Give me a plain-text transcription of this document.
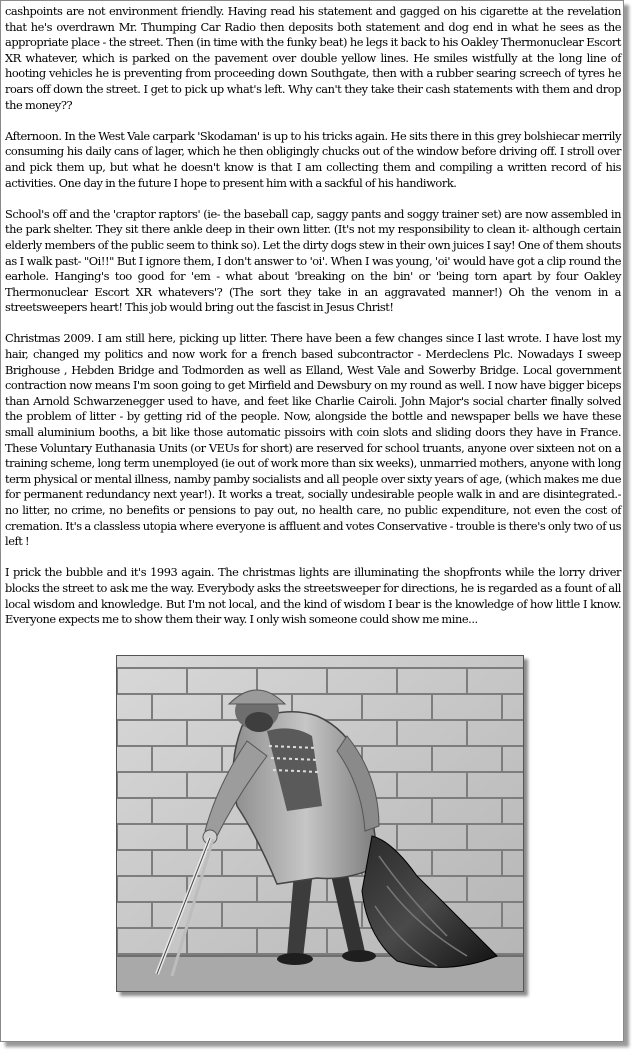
cashpoints are not environment friendly. Having read his statement and gagged on his cigarette at the revelation that he's overdrawn Mr. Thumping Car Radio then deposits both statement and dog end in what he sees as the appropriate place - the street. Then (in time with the funky beat) he legs it back to his Oakley Thermonuclear Escort XR whatever, which is parked on the pavement over double yellow lines. He smiles wistfully at the long line of hooting vehicles he is preventing from proceeding down Southgate, then with a rubber searing screech of tyres he roars off down the street. I get to pick up what's left. Why can't they take their cash statements with them and drop the money??

Afternoon. In the West Vale carpark 'Skodaman' is up to his tricks again. He sits there in this grey bolshiecar merrily consuming his daily cans of lager, which he then obligingly chucks out of the window before driving off. I stroll over and pick them up, but what he doesn't know is that I am collecting them and compiling a written record of his activities. One day in the future I hope to present him with a sackful of his handiwork.

School's off and the 'craptor raptors' (ie- the baseball cap, saggy pants and soggy trainer set) are now assembled in the park shelter. They sit there ankle deep in their own litter. (It's not my responsibility to clean it- although certain elderly members of the public seem to think so). Let the dirty dogs stew in their own juices I say! One of them shouts as I walk past- "Oi!!" But I ignore them, I don't answer to 'oi'. When I was young, 'oi' would have got a clip round the earhole. Hanging's too good for 'em - what about 'breaking on the bin' or 'being torn apart by four Oakley Thermonuclear Escort XR whatevers'? (The sort they take in an aggravated manner!) Oh the venom in a streetsweepers heart! This job would bring out the fascist in Jesus Christ!

Christmas 2009. I am still here, picking up litter. There have been a few changes since I last wrote. I have lost my hair, changed my politics and now work for a french based subcontractor - Merdeclens Plc. Nowadays I sweep Brighouse , Hebden Bridge and Todmorden as well as Elland, West Vale and Sowerby Bridge. Local government contraction now means I'm soon going to get Mirfield and Dewsbury on my round as well. I now have bigger biceps than Arnold Schwarzenegger used to have, and feet like Charlie Cairoli. John Major's social charter finally solved the problem of litter - by getting rid of the people. Now, alongside the bottle and newspaper bells we have these small aluminium booths, a bit like those automatic pissoirs with coin slots and sliding doors they have in France. These Voluntary Euthanasia Units (or VEUs for short) are reserved for school truants, anyone over sixteen not on a training scheme, long term unemployed (ie out of work more than six weeks), unmarried mothers, anyone with long term physical or mental illness, namby pamby socialists and all people over sixty years of age, (which makes me due for permanent redundancy next year!). It works a treat, socially undesirable people walk in and are disintegrated.- no litter, no crime, no benefits or pensions to pay out, no health care, no public expenditure, not even the cost of cremation. It's a classless utopia where everyone is affluent and votes Conservative - trouble is there's only two of us left !

I prick the bubble and it's 1993 again. The christmas lights are illuminating the shopfronts while the lorry driver blocks the street to ask me the way. Everybody asks the streetsweeper for directions, he is regarded as a fount of all local wisdom and knowledge. But I'm not local, and the kind of wisdom I bear is the knowledge of how little I know. Everyone expects me to show them their way. I only wish someone could show me mine...
